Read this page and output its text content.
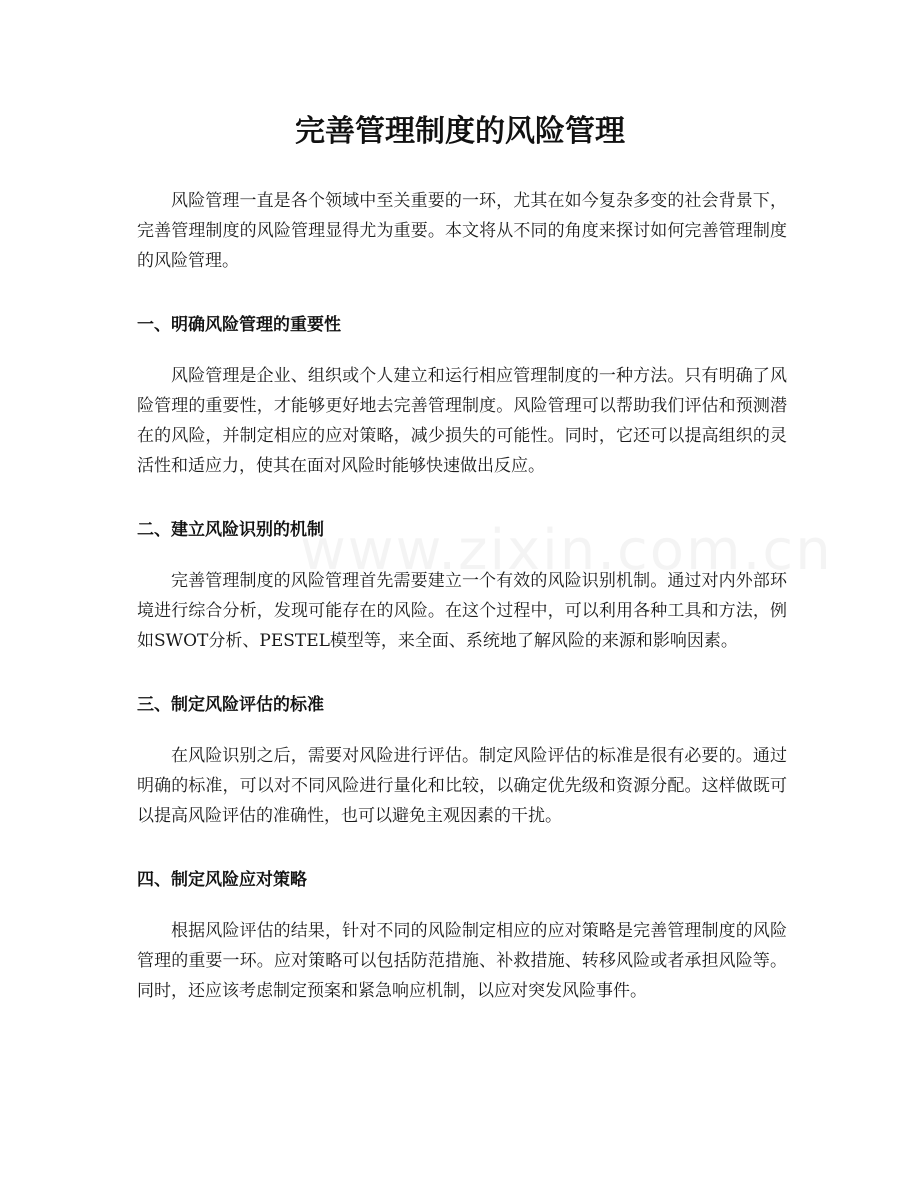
完善管理制度的风险管理

风险管理一直是各个领域中至关重要的一环，尤其在如今复杂多变的社会背景下，完善管理制度的风险管理显得尤为重要。本文将从不同的角度来探讨如何完善管理制度的风险管理。

一、明确风险管理的重要性

风险管理是企业、组织或个人建立和运行相应管理制度的一种方法。只有明确了风险管理的重要性，才能够更好地去完善管理制度。风险管理可以帮助我们评估和预测潜在的风险，并制定相应的应对策略，减少损失的可能性。同时，它还可以提高组织的灵活性和适应力，使其在面对风险时能够快速做出反应。

二、建立风险识别的机制

完善管理制度的风险管理首先需要建立一个有效的风险识别机制。通过对内外部环境进行综合分析，发现可能存在的风险。在这个过程中，可以利用各种工具和方法，例如SWOT分析、PESTEL模型等，来全面、系统地了解风险的来源和影响因素。

三、制定风险评估的标准

在风险识别之后，需要对风险进行评估。制定风险评估的标准是很有必要的。通过明确的标准，可以对不同风险进行量化和比较，以确定优先级和资源分配。这样做既可以提高风险评估的准确性，也可以避免主观因素的干扰。

四、制定风险应对策略

根据风险评估的结果，针对不同的风险制定相应的应对策略是完善管理制度的风险管理的重要一环。应对策略可以包括防范措施、补救措施、转移风险或者承担风险等。同时，还应该考虑制定预案和紧急响应机制，以应对突发风险事件。
